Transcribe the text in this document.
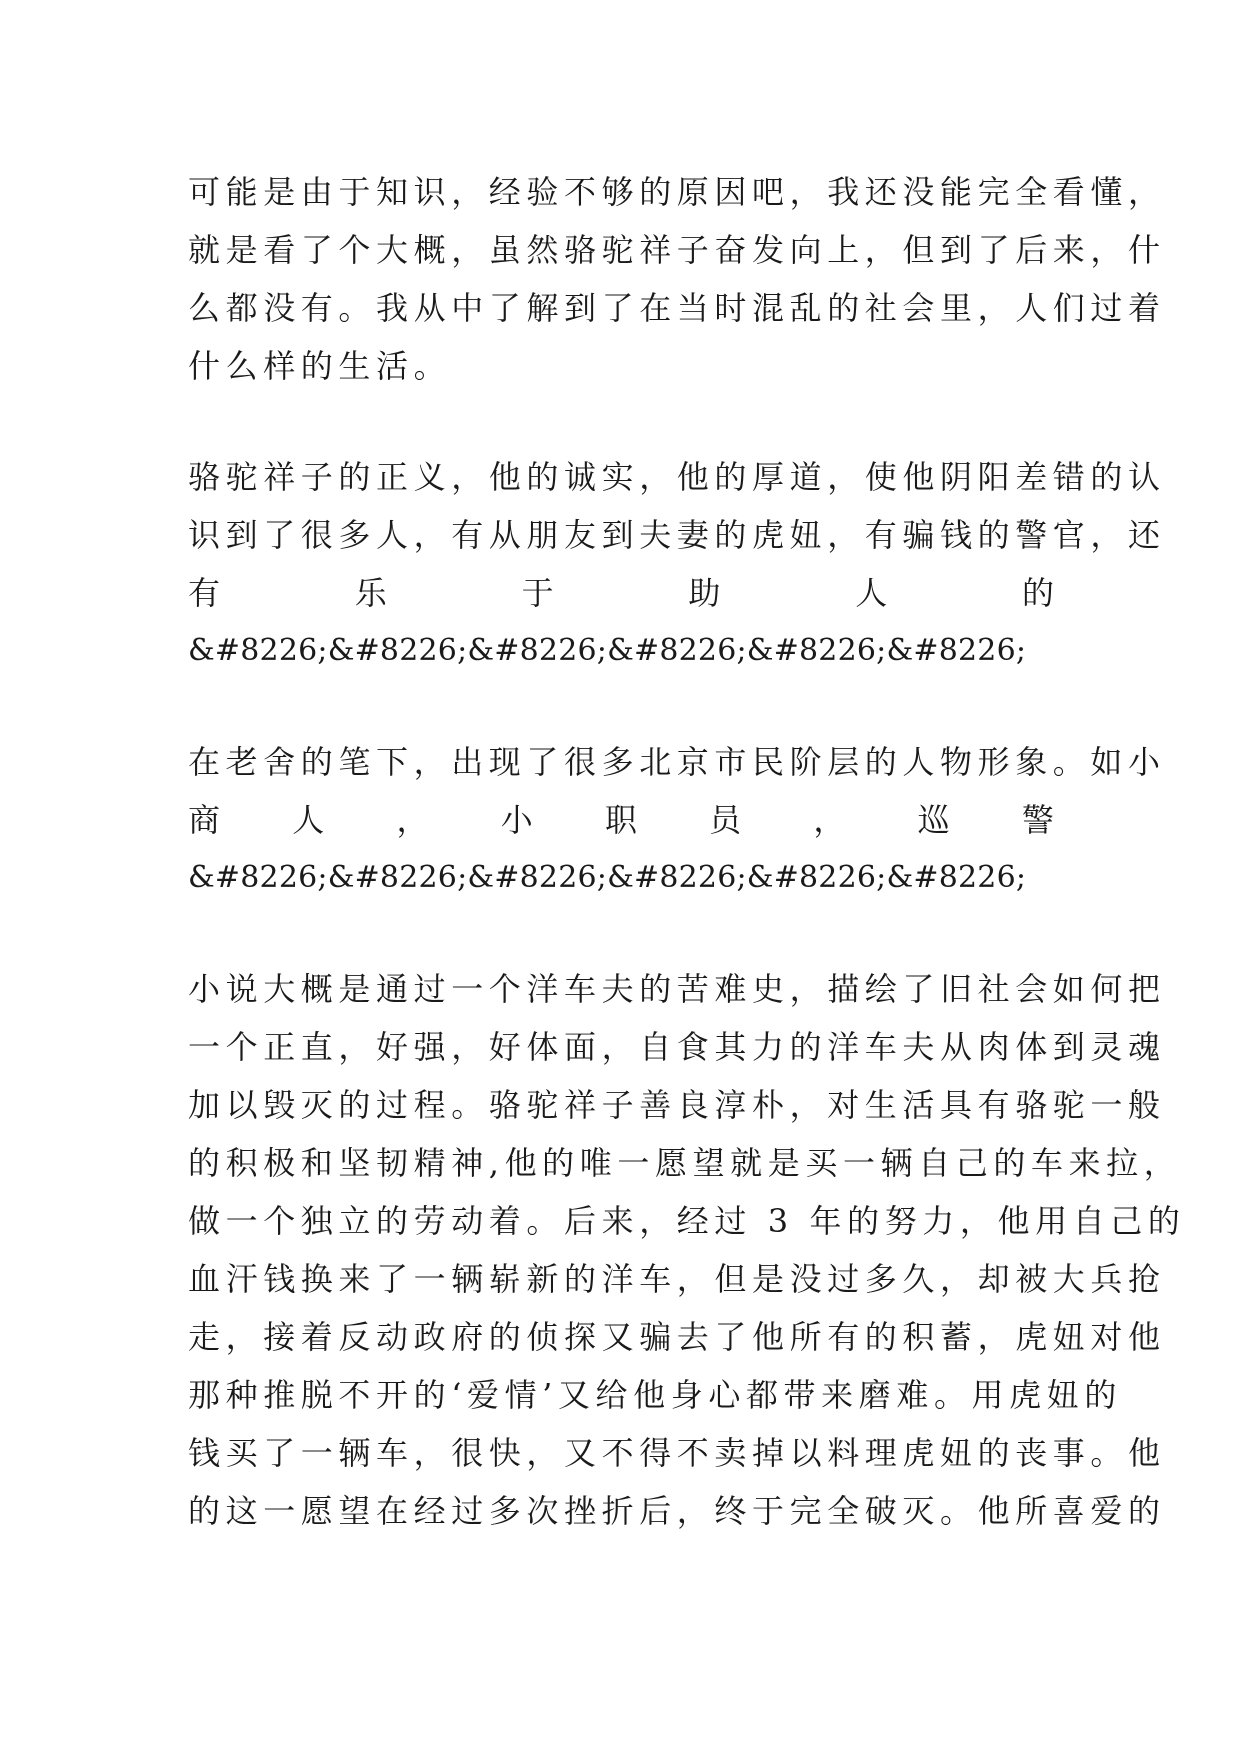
可能是由于知识，经验不够的原因吧，我还没能完全看懂，
就是看了个大概，虽然骆驼祥子奋发向上，但到了后来，什
么都没有。我从中了解到了在当时混乱的社会里，人们过着
什么样的生活。
骆驼祥子的正义，他的诚实，他的厚道，使他阴阳差错的认
识到了很多人，有从朋友到夫妻的虎妞，有骗钱的警官，还
有	乐	于	助	人	的
&#8226;&#8226;&#8226;&#8226;&#8226;&#8226;
在老舍的笔下，出现了很多北京市民阶层的人物形象。如小
商 人 ， 小 职 员 ， 巡 警
&#8226;&#8226;&#8226;&#8226;&#8226;&#8226;
小说大概是通过一个洋车夫的苦难史，描绘了旧社会如何把
一个正直，好强，好体面，自食其力的洋车夫从肉体到灵魂
加以毁灭的过程。骆驼祥子善良淳朴，对生活具有骆驼一般
的积极和坚韧精神,他的唯一愿望就是买一辆自己的车来拉，
做一个独立的劳动着。后来，经过 3 年的努力，他用自己的
血汗钱换来了一辆崭新的洋车，但是没过多久，却被大兵抢
走，接着反动政府的侦探又骗去了他所有的积蓄，虎妞对他
那种推脱不开的‘爱情’又给他身心都带来磨难。用虎妞的
钱买了一辆车，很快，又不得不卖掉以料理虎妞的丧事。他
的这一愿望在经过多次挫折后，终于完全破灭。他所喜爱的
